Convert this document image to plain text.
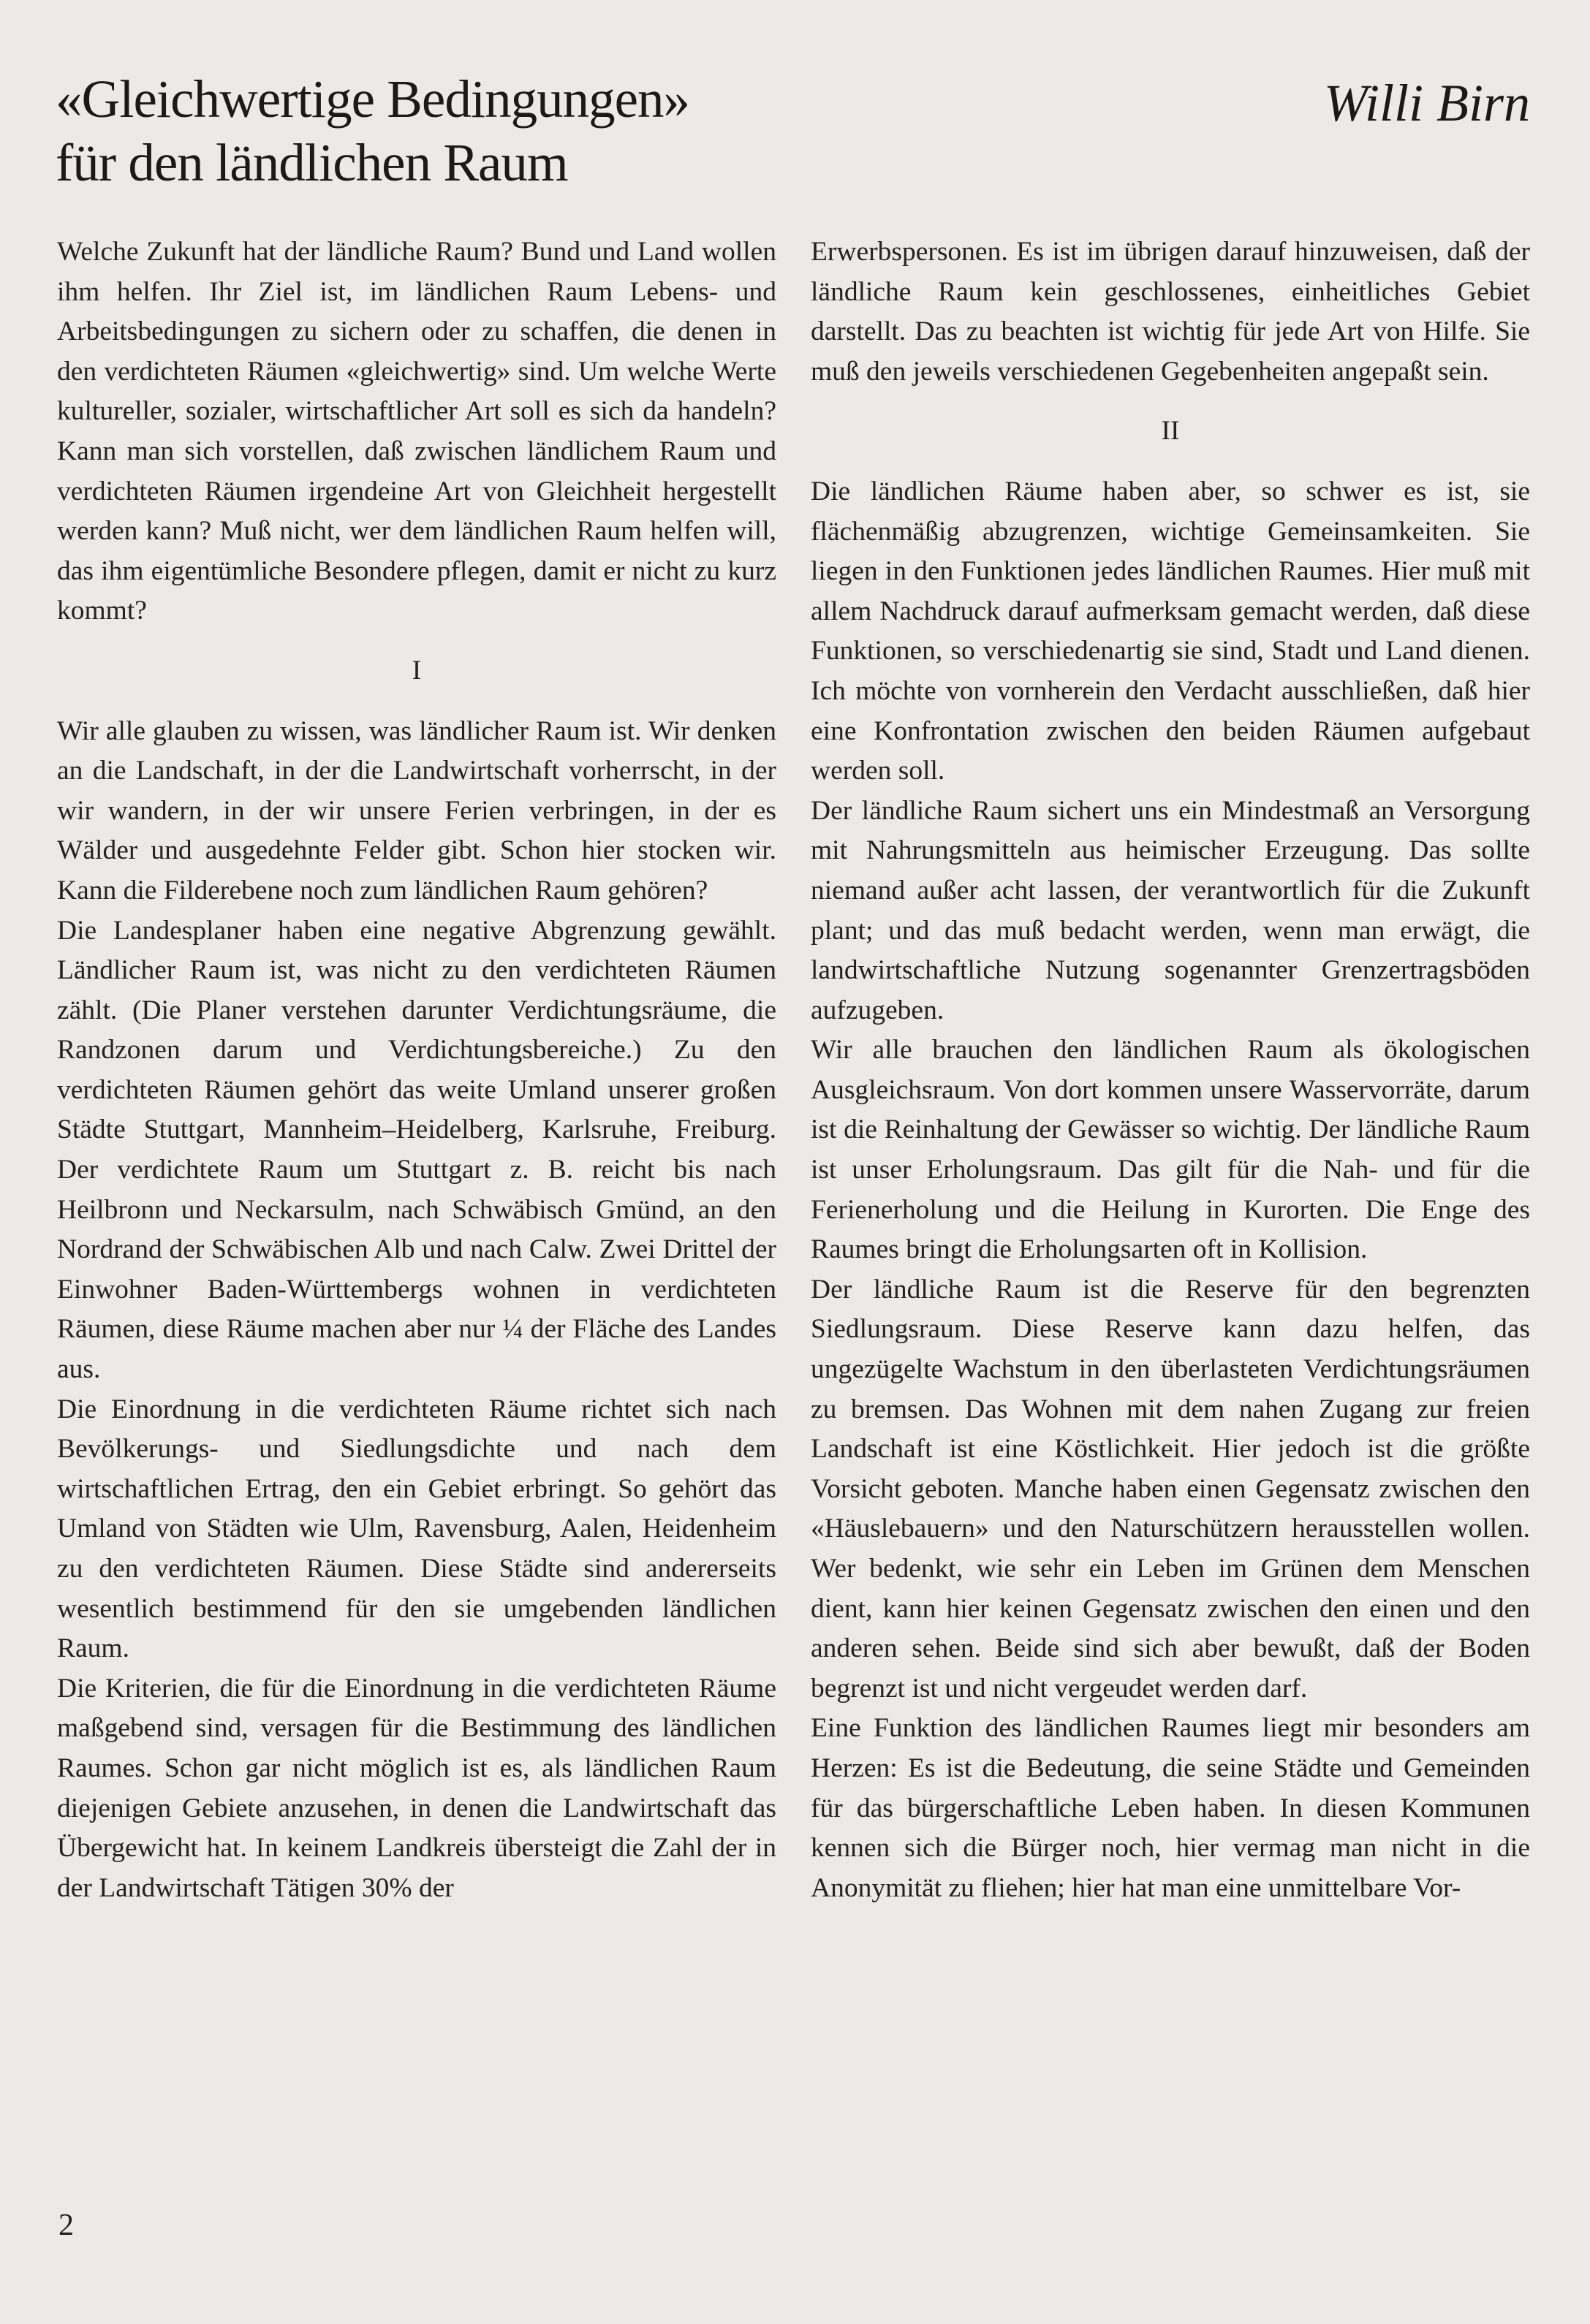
«Gleichwertige Bedingungen»
für den ländlichen Raum
Willi Birn

Welche Zukunft hat der ländliche Raum? Bund und Land wollen ihm helfen. Ihr Ziel ist, im ländlichen Raum Lebens- und Arbeitsbedingungen zu sichern oder zu schaffen, die denen in den verdichteten Räumen «gleichwertig» sind. Um welche Werte kultureller, sozialer, wirtschaftlicher Art soll es sich da handeln? Kann man sich vorstellen, daß zwischen ländlichem Raum und verdichteten Räumen irgendeine Art von Gleichheit hergestellt werden kann? Muß nicht, wer dem ländlichen Raum helfen will, das ihm eigentümliche Besondere pflegen, damit er nicht zu kurz kommt?

I

Wir alle glauben zu wissen, was ländlicher Raum ist. Wir denken an die Landschaft, in der die Landwirtschaft vorherrscht, in der wir wandern, in der wir unsere Ferien verbringen, in der es Wälder und ausgedehnte Felder gibt. Schon hier stocken wir. Kann die Filderebene noch zum ländlichen Raum gehören?

Die Landesplaner haben eine negative Abgrenzung gewählt. Ländlicher Raum ist, was nicht zu den verdichteten Räumen zählt. (Die Planer verstehen darunter Verdichtungsräume, die Randzonen darum und Verdichtungsbereiche.) Zu den verdichteten Räumen gehört das weite Umland unserer großen Städte Stuttgart, Mannheim–Heidelberg, Karlsruhe, Freiburg. Der verdichtete Raum um Stuttgart z. B. reicht bis nach Heilbronn und Neckarsulm, nach Schwäbisch Gmünd, an den Nordrand der Schwäbischen Alb und nach Calw. Zwei Drittel der Einwohner Baden-Württembergs wohnen in verdichteten Räumen, diese Räume machen aber nur ¼ der Fläche des Landes aus.

Die Einordnung in die verdichteten Räume richtet sich nach Bevölkerungs- und Siedlungsdichte und nach dem wirtschaftlichen Ertrag, den ein Gebiet erbringt. So gehört das Umland von Städten wie Ulm, Ravensburg, Aalen, Heidenheim zu den verdichteten Räumen. Diese Städte sind andererseits wesentlich bestimmend für den sie umgebenden ländlichen Raum.

Die Kriterien, die für die Einordnung in die verdichteten Räume maßgebend sind, versagen für die Bestimmung des ländlichen Raumes. Schon gar nicht möglich ist es, als ländlichen Raum diejenigen Gebiete anzusehen, in denen die Landwirtschaft das Übergewicht hat. In keinem Landkreis übersteigt die Zahl der in der Landwirtschaft Tätigen 30% der

Erwerbspersonen. Es ist im übrigen darauf hinzuweisen, daß der ländliche Raum kein geschlossenes, einheitliches Gebiet darstellt. Das zu beachten ist wichtig für jede Art von Hilfe. Sie muß den jeweils verschiedenen Gegebenheiten angepaßt sein.

II

Die ländlichen Räume haben aber, so schwer es ist, sie flächenmäßig abzugrenzen, wichtige Gemeinsamkeiten. Sie liegen in den Funktionen jedes ländlichen Raumes. Hier muß mit allem Nachdruck darauf aufmerksam gemacht werden, daß diese Funktionen, so verschiedenartig sie sind, Stadt und Land dienen. Ich möchte von vornherein den Verdacht ausschließen, daß hier eine Konfrontation zwischen den beiden Räumen aufgebaut werden soll.

Der ländliche Raum sichert uns ein Mindestmaß an Versorgung mit Nahrungsmitteln aus heimischer Erzeugung. Das sollte niemand außer acht lassen, der verantwortlich für die Zukunft plant; und das muß bedacht werden, wenn man erwägt, die landwirtschaftliche Nutzung sogenannter Grenzertragsböden aufzugeben.

Wir alle brauchen den ländlichen Raum als ökologischen Ausgleichsraum. Von dort kommen unsere Wasservorräte, darum ist die Reinhaltung der Gewässer so wichtig. Der ländliche Raum ist unser Erholungsraum. Das gilt für die Nah- und für die Ferienerholung und die Heilung in Kurorten. Die Enge des Raumes bringt die Erholungsarten oft in Kollision.

Der ländliche Raum ist die Reserve für den begrenzten Siedlungsraum. Diese Reserve kann dazu helfen, das ungezügelte Wachstum in den überlasteten Verdichtungsräumen zu bremsen. Das Wohnen mit dem nahen Zugang zur freien Landschaft ist eine Köstlichkeit. Hier jedoch ist die größte Vorsicht geboten. Manche haben einen Gegensatz zwischen den «Häuslebauern» und den Naturschützern herausstellen wollen. Wer bedenkt, wie sehr ein Leben im Grünen dem Menschen dient, kann hier keinen Gegensatz zwischen den einen und den anderen sehen. Beide sind sich aber bewußt, daß der Boden begrenzt ist und nicht vergeudet werden darf.

Eine Funktion des ländlichen Raumes liegt mir besonders am Herzen: Es ist die Bedeutung, die seine Städte und Gemeinden für das bürgerschaftliche Leben haben. In diesen Kommunen kennen sich die Bürger noch, hier vermag man nicht in die Anonymität zu fliehen; hier hat man eine unmittelbare Vor-

2
